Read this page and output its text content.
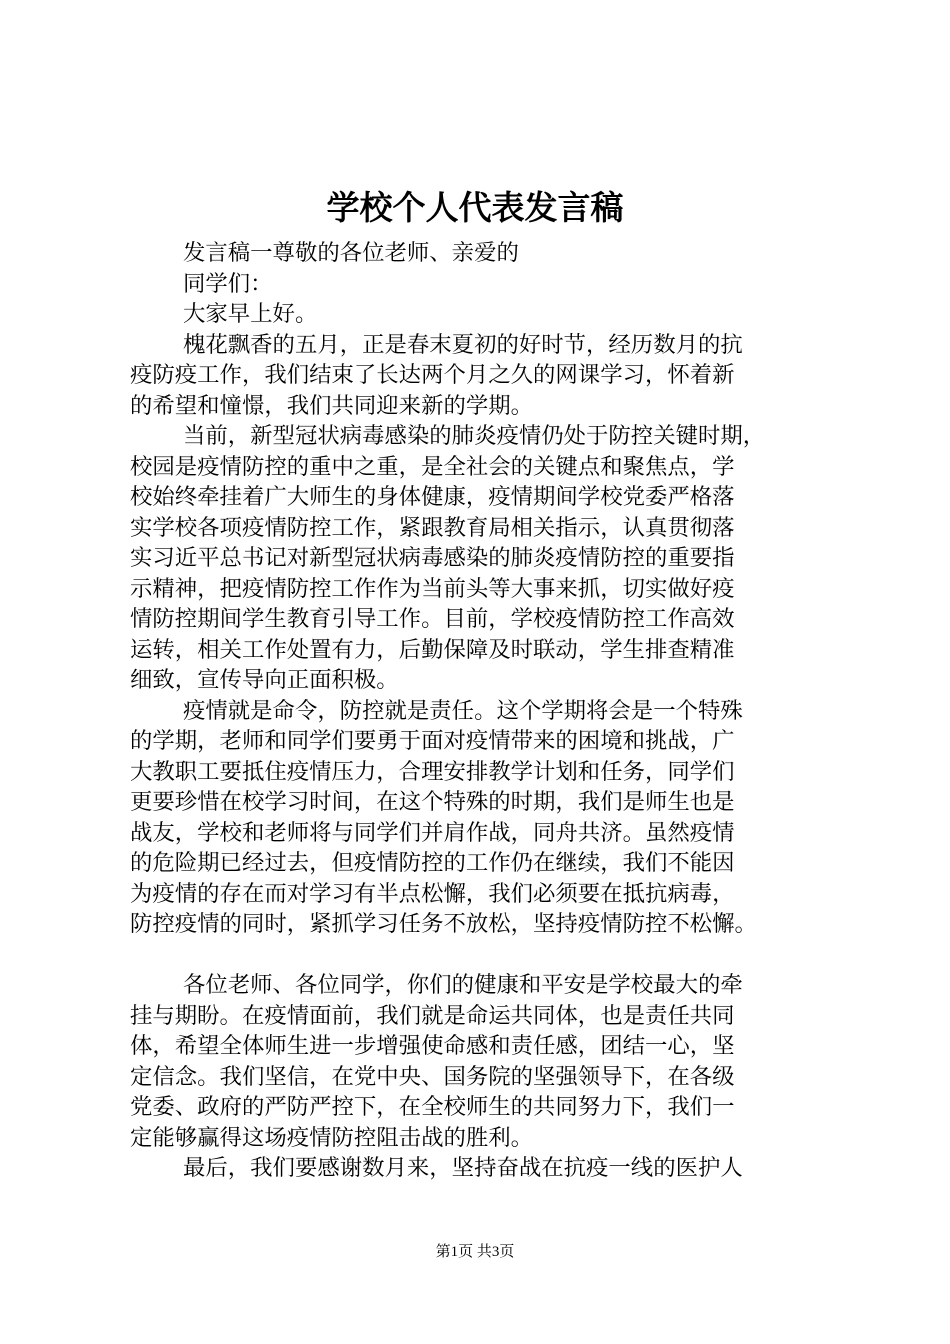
学校个人代表发言稿
发言稿一尊敬的各位老师、亲爱的
同学们：
大家早上好。
槐花飘香的五月，正是春末夏初的好时节，经历数月的抗
疫防疫工作，我们结束了长达两个月之久的网课学习，怀着新
的希望和憧憬，我们共同迎来新的学期。
当前，新型冠状病毒感染的肺炎疫情仍处于防控关键时期，
校园是疫情防控的重中之重，是全社会的关键点和聚焦点，学
校始终牵挂着广大师生的身体健康，疫情期间学校党委严格落
实学校各项疫情防控工作，紧跟教育局相关指示，认真贯彻落
实习近平总书记对新型冠状病毒感染的肺炎疫情防控的重要指
示精神，把疫情防控工作作为当前头等大事来抓，切实做好疫
情防控期间学生教育引导工作。目前，学校疫情防控工作高效
运转，相关工作处置有力，后勤保障及时联动，学生排查精准
细致，宣传导向正面积极。
疫情就是命令，防控就是责任。这个学期将会是一个特殊
的学期，老师和同学们要勇于面对疫情带来的困境和挑战，广
大教职工要抵住疫情压力，合理安排教学计划和任务，同学们
更要珍惜在校学习时间，在这个特殊的时期，我们是师生也是
战友，学校和老师将与同学们并肩作战，同舟共济。虽然疫情
的危险期已经过去，但疫情防控的工作仍在继续，我们不能因
为疫情的存在而对学习有半点松懈，我们必须要在抵抗病毒，
防控疫情的同时，紧抓学习任务不放松，坚持疫情防控不松懈。
各位老师、各位同学，你们的健康和平安是学校最大的牵
挂与期盼。在疫情面前，我们就是命运共同体，也是责任共同
体，希望全体师生进一步增强使命感和责任感，团结一心，坚
定信念。我们坚信，在党中央、国务院的坚强领导下，在各级
党委、政府的严防严控下，在全校师生的共同努力下，我们一
定能够赢得这场疫情防控阻击战的胜利。
最后，我们要感谢数月来，坚持奋战在抗疫一线的医护人
第1页 共3页
